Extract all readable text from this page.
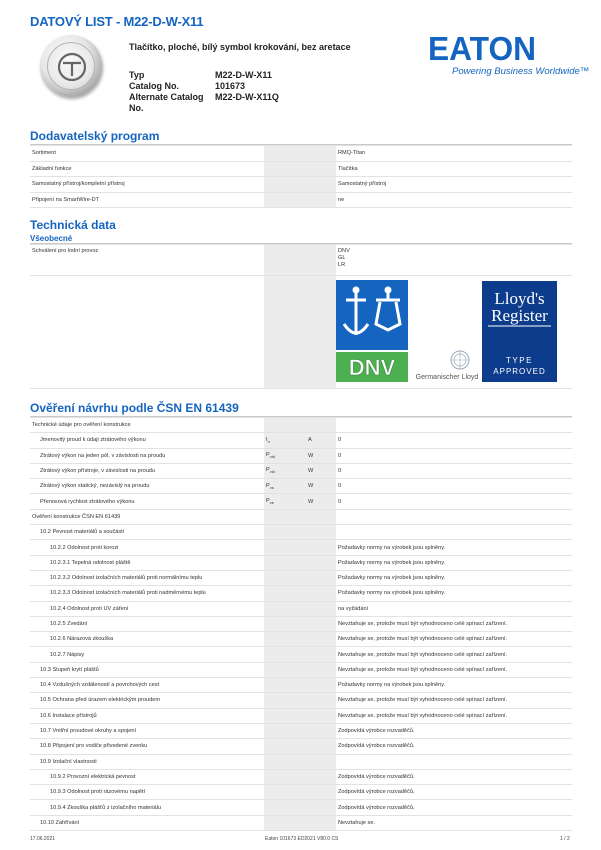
DATOVÝ LIST - M22-D-W-X11
Tlačítko, ploché, bílý symbol krokování, bez aretace
Typ	M22-D-W-X11
Catalog No.	101673
Alternate Catalog	M22-D-W-X11Q
No.
EATON
Powering Business Worldwide™
Dodavatelský program
Sortiment			RMQ-Titan
Základní funkce			Tlačítka
Samostatný přístroj/kompletní přístroj			Samostatný přístroj
Připojení na SmartWire-DT			ne
Technická data
Všeobecné
Schválení pro lodní provoz			DNV
GL
LR

DNV	Germanischer Lloyd
Lloyd's
Register
TYPE
APPROVED
Ověření návrhu podle ČSN EN 61439
Technické údaje pro ověření konstrukce			
Jmenovitý proud k údaji ztrátového výkonu	$I_n$	A	0
Ztrátový výkon na jeden pól, v závislosti na proudu	$P_{vid}$	W	0
Ztrátový výkon přístroje, v závislosti na proudu	$P_{vid}$	W	0
Ztrátový výkon statický, nezávislý na proudu	$P_{vs}$	W	0
Přenosová rychlost ztrátového výkonu	$P_{ve}$	W	0
Ověření konstrukce ČSN EN 61439			
10.2 Pevnost materiálů a součástí			
10.2.2 Odolnost proti korozi			Požadavky normy na výrobek jsou splněny.
10.2.3.1 Tepelná odolnost pláště			Požadavky normy na výrobek jsou splněny.
10.2.3.2 Odolnost izolačních materiálů proti normálnímu teplu			Požadavky normy na výrobek jsou splněny.
10.2.3.3 Odolnost izolačních materiálů proti nadměrnému teplu			Požadavky normy na výrobek jsou splněny.
10.2.4 Odolnost proti UV záření			na vyžádání
10.2.5 Zvedání			Nevztahuje se, protože musí být vyhodnoceno celé spínací zařízení.
10.2.6 Nárazová zkouška			Nevztahuje se, protože musí být vyhodnoceno celé spínací zařízení.
10.2.7 Nápisy			Nevztahuje se, protože musí být vyhodnoceno celé spínací zařízení.
10.3 Stupeň krytí pláštů			Nevztahuje se, protože musí být vyhodnoceno celé spínací zařízení.
10.4 Vzdušných vzdáleností a povrchových cest			Požadavky normy na výrobek jsou splněny.
10.5 Ochrana před úrazem elektrickým proudem			Nevztahuje se, protože musí být vyhodnoceno celé spínací zařízení.
10.6 Instalace přístrojů			Nevztahuje se, protože musí být vyhodnoceno celé spínací zařízení.
10.7 Vnitřní proudové okruhy a spojení			Zodpovídá výrobce rozvaděčů.
10.8 Připojení pro vodiče přivedené zvenku			Zodpovídá výrobce rozvaděčů.
10.9 Izolační vlastnosti			
10.9.2 Provozní elektrická pevnost			Zodpovídá výrobce rozvaděčů.
10.9.3 Odolnost proti rázovému napětí			Zodpovídá výrobce rozvaděčů.
10.9.4 Zkouška plášťů z izolačního materiálu			Zodpovídá výrobce rozvaděčů.
10.10 Zahřívání			Nevztahuje se.
17.06.2021	Eaton 101673 ED2021 V80.0 CS	1 / 2
